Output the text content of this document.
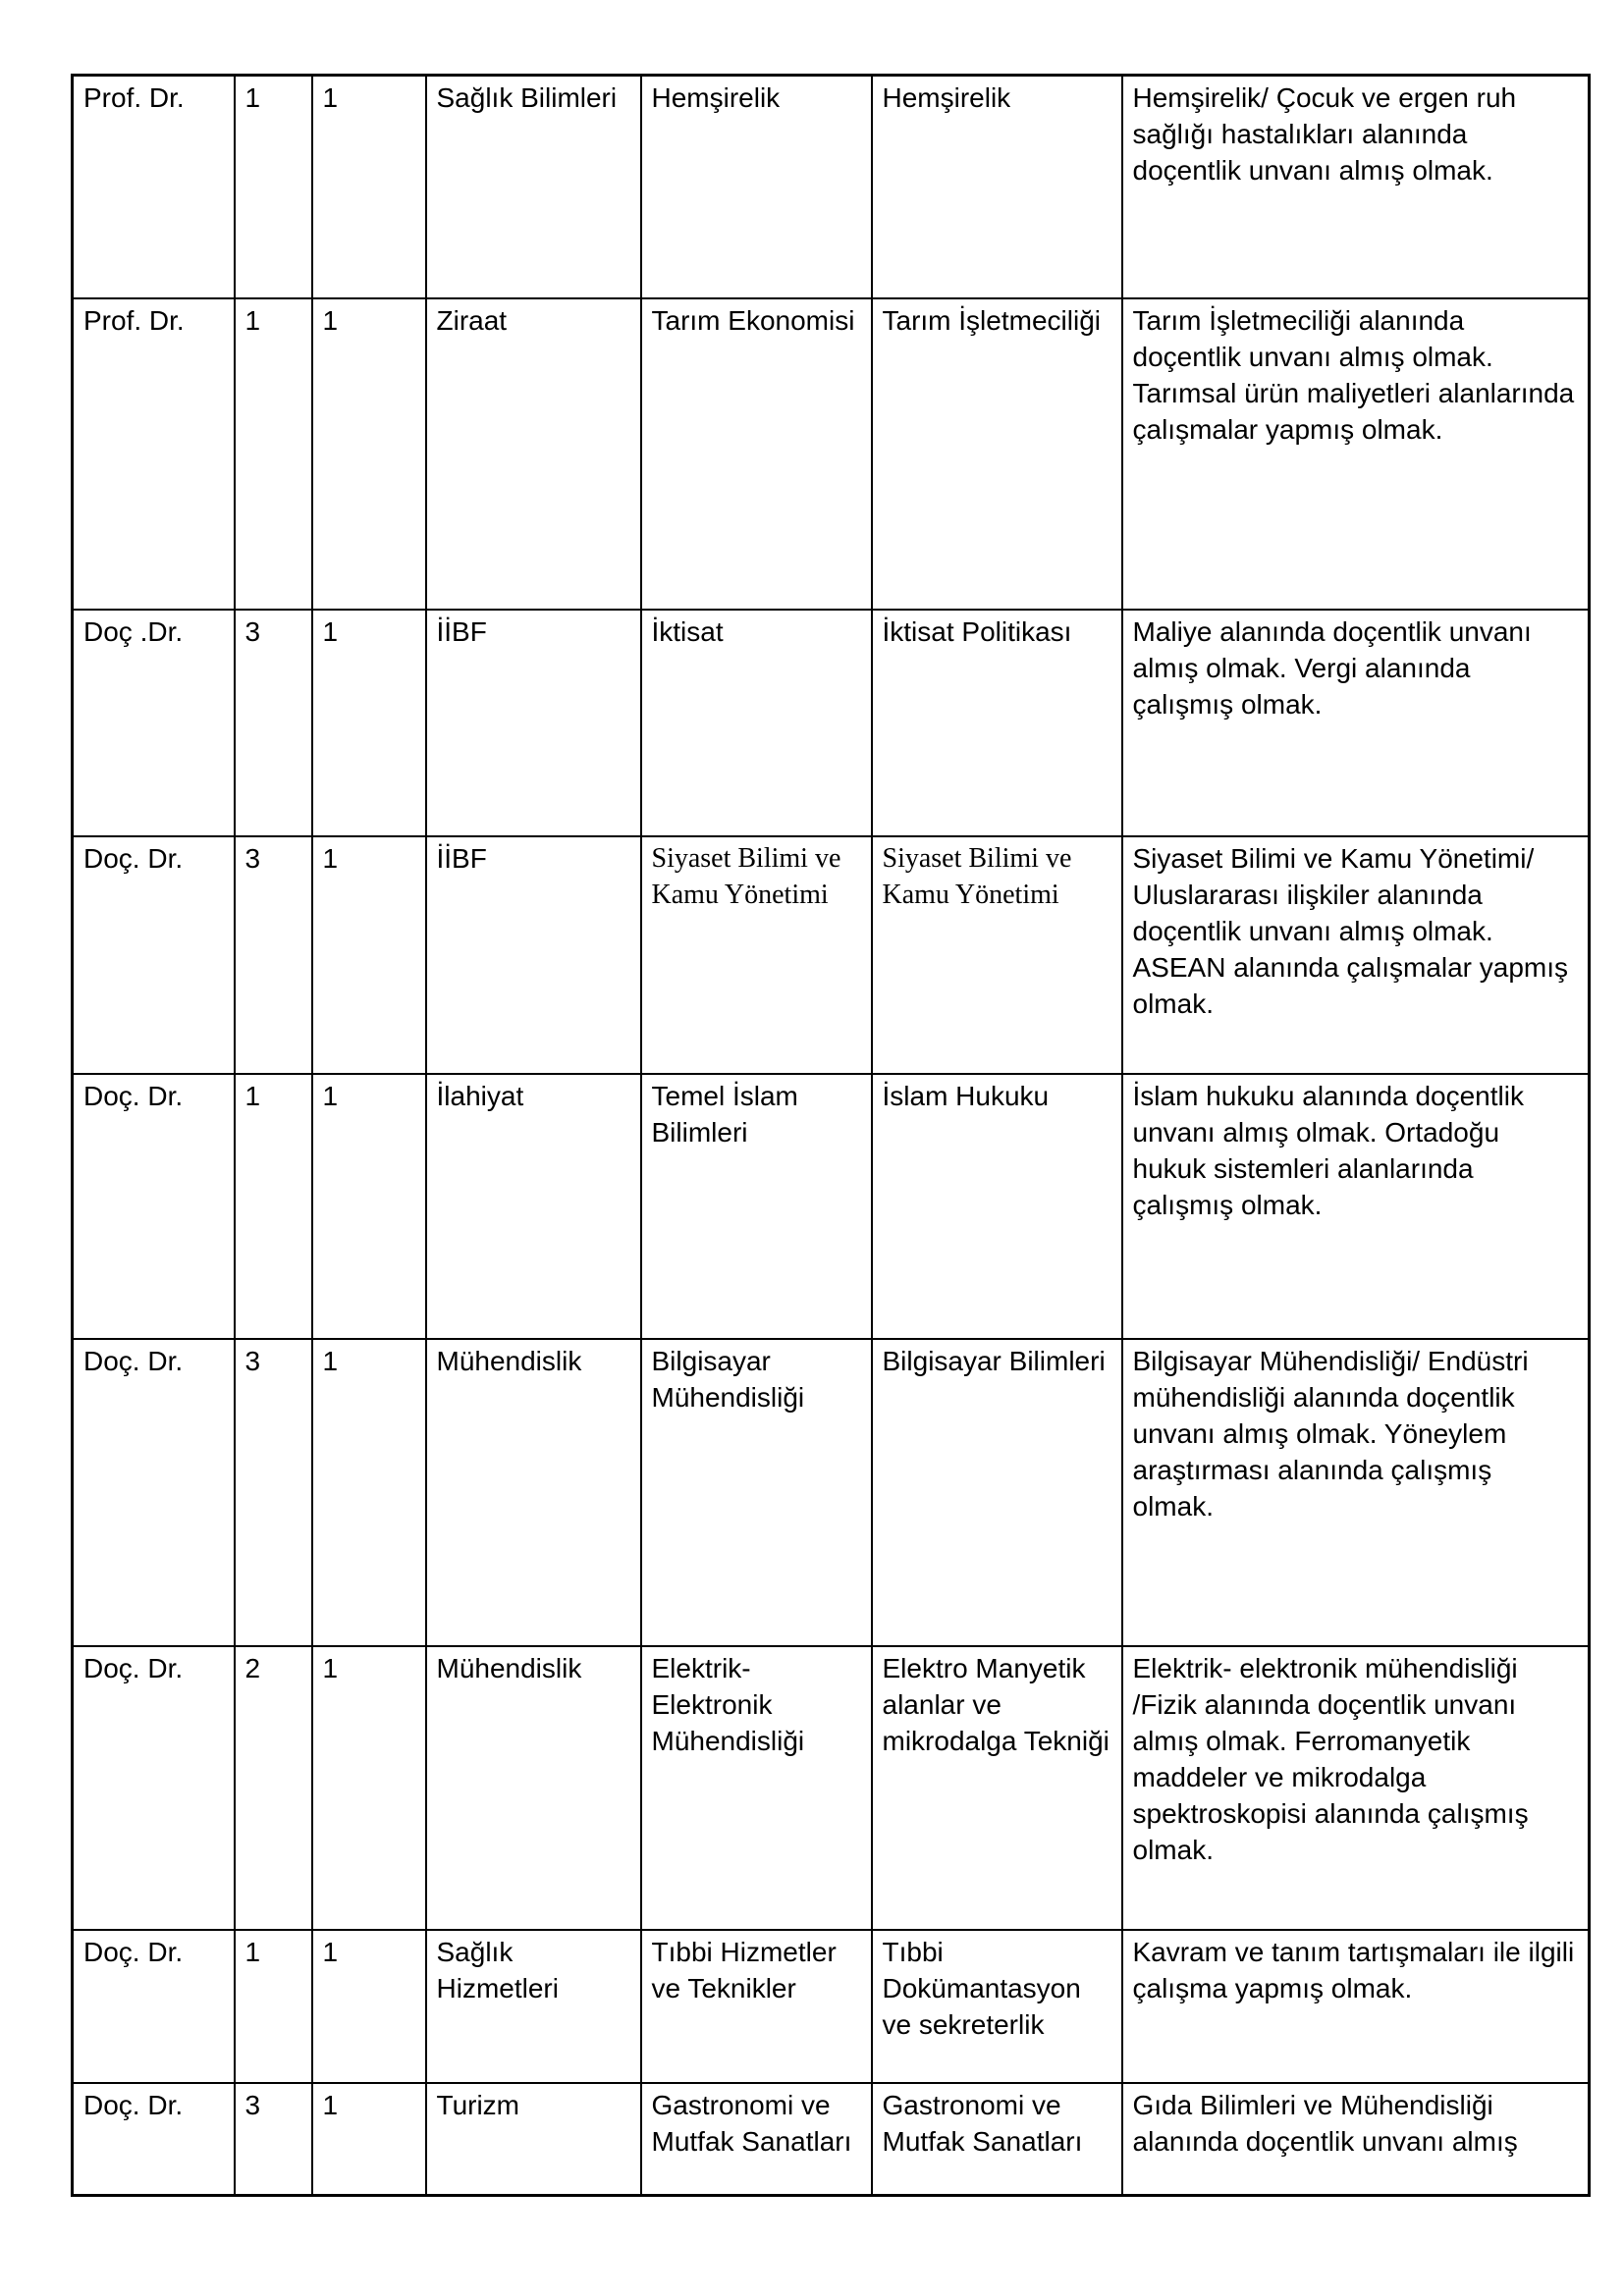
Prof. Dr.	1	1	Sağlık Bilimleri	Hemşirelik	Hemşirelik	Hemşirelik/ Çocuk ve ergen ruh sağlığı hastalıkları alanında doçentlik unvanı almış olmak.
Prof. Dr.	1	1	Ziraat	Tarım Ekonomisi	Tarım İşletmeciliği	Tarım İşletmeciliği alanında doçentlik unvanı almış olmak. Tarımsal ürün maliyetleri alanlarında çalışmalar yapmış olmak.
Doç .Dr.	3	1	İİBF	İktisat	İktisat Politikası	Maliye alanında doçentlik unvanı almış olmak. Vergi alanında çalışmış olmak.
Doç. Dr.	3	1	İİBF	Siyaset Bilimi ve Kamu Yönetimi	Siyaset Bilimi ve Kamu Yönetimi	Siyaset Bilimi ve Kamu Yönetimi/ Uluslararası ilişkiler alanında doçentlik unvanı almış olmak. ASEAN alanında çalışmalar yapmış olmak.
Doç. Dr.	1	1	İlahiyat	Temel İslam Bilimleri	İslam Hukuku	İslam hukuku alanında doçentlik unvanı almış olmak. Ortadoğu hukuk sistemleri alanlarında çalışmış olmak.
Doç. Dr.	3	1	Mühendislik	Bilgisayar Mühendisliği	Bilgisayar Bilimleri	Bilgisayar Mühendisliği/ Endüstri mühendisliği alanında doçentlik unvanı almış olmak. Yöneylem araştırması alanında çalışmış olmak.
Doç. Dr.	2	1	Mühendislik	Elektrik-Elektronik Mühendisliği	Elektro Manyetik alanlar ve mikrodalga Tekniği	Elektrik- elektronik mühendisliği /Fizik alanında doçentlik unvanı almış olmak. Ferromanyetik maddeler ve mikrodalga spektroskopisi alanında çalışmış olmak.
Doç. Dr.	1	1	Sağlık Hizmetleri	Tıbbi Hizmetler ve Teknikler	Tıbbi Dokümantasyon ve sekreterlik	Kavram ve tanım tartışmaları ile ilgili çalışma yapmış olmak.
Doç. Dr.	3	1	Turizm	Gastronomi ve Mutfak Sanatları	Gastronomi ve Mutfak Sanatları	Gıda Bilimleri ve Mühendisliği alanında doçentlik unvanı almış
